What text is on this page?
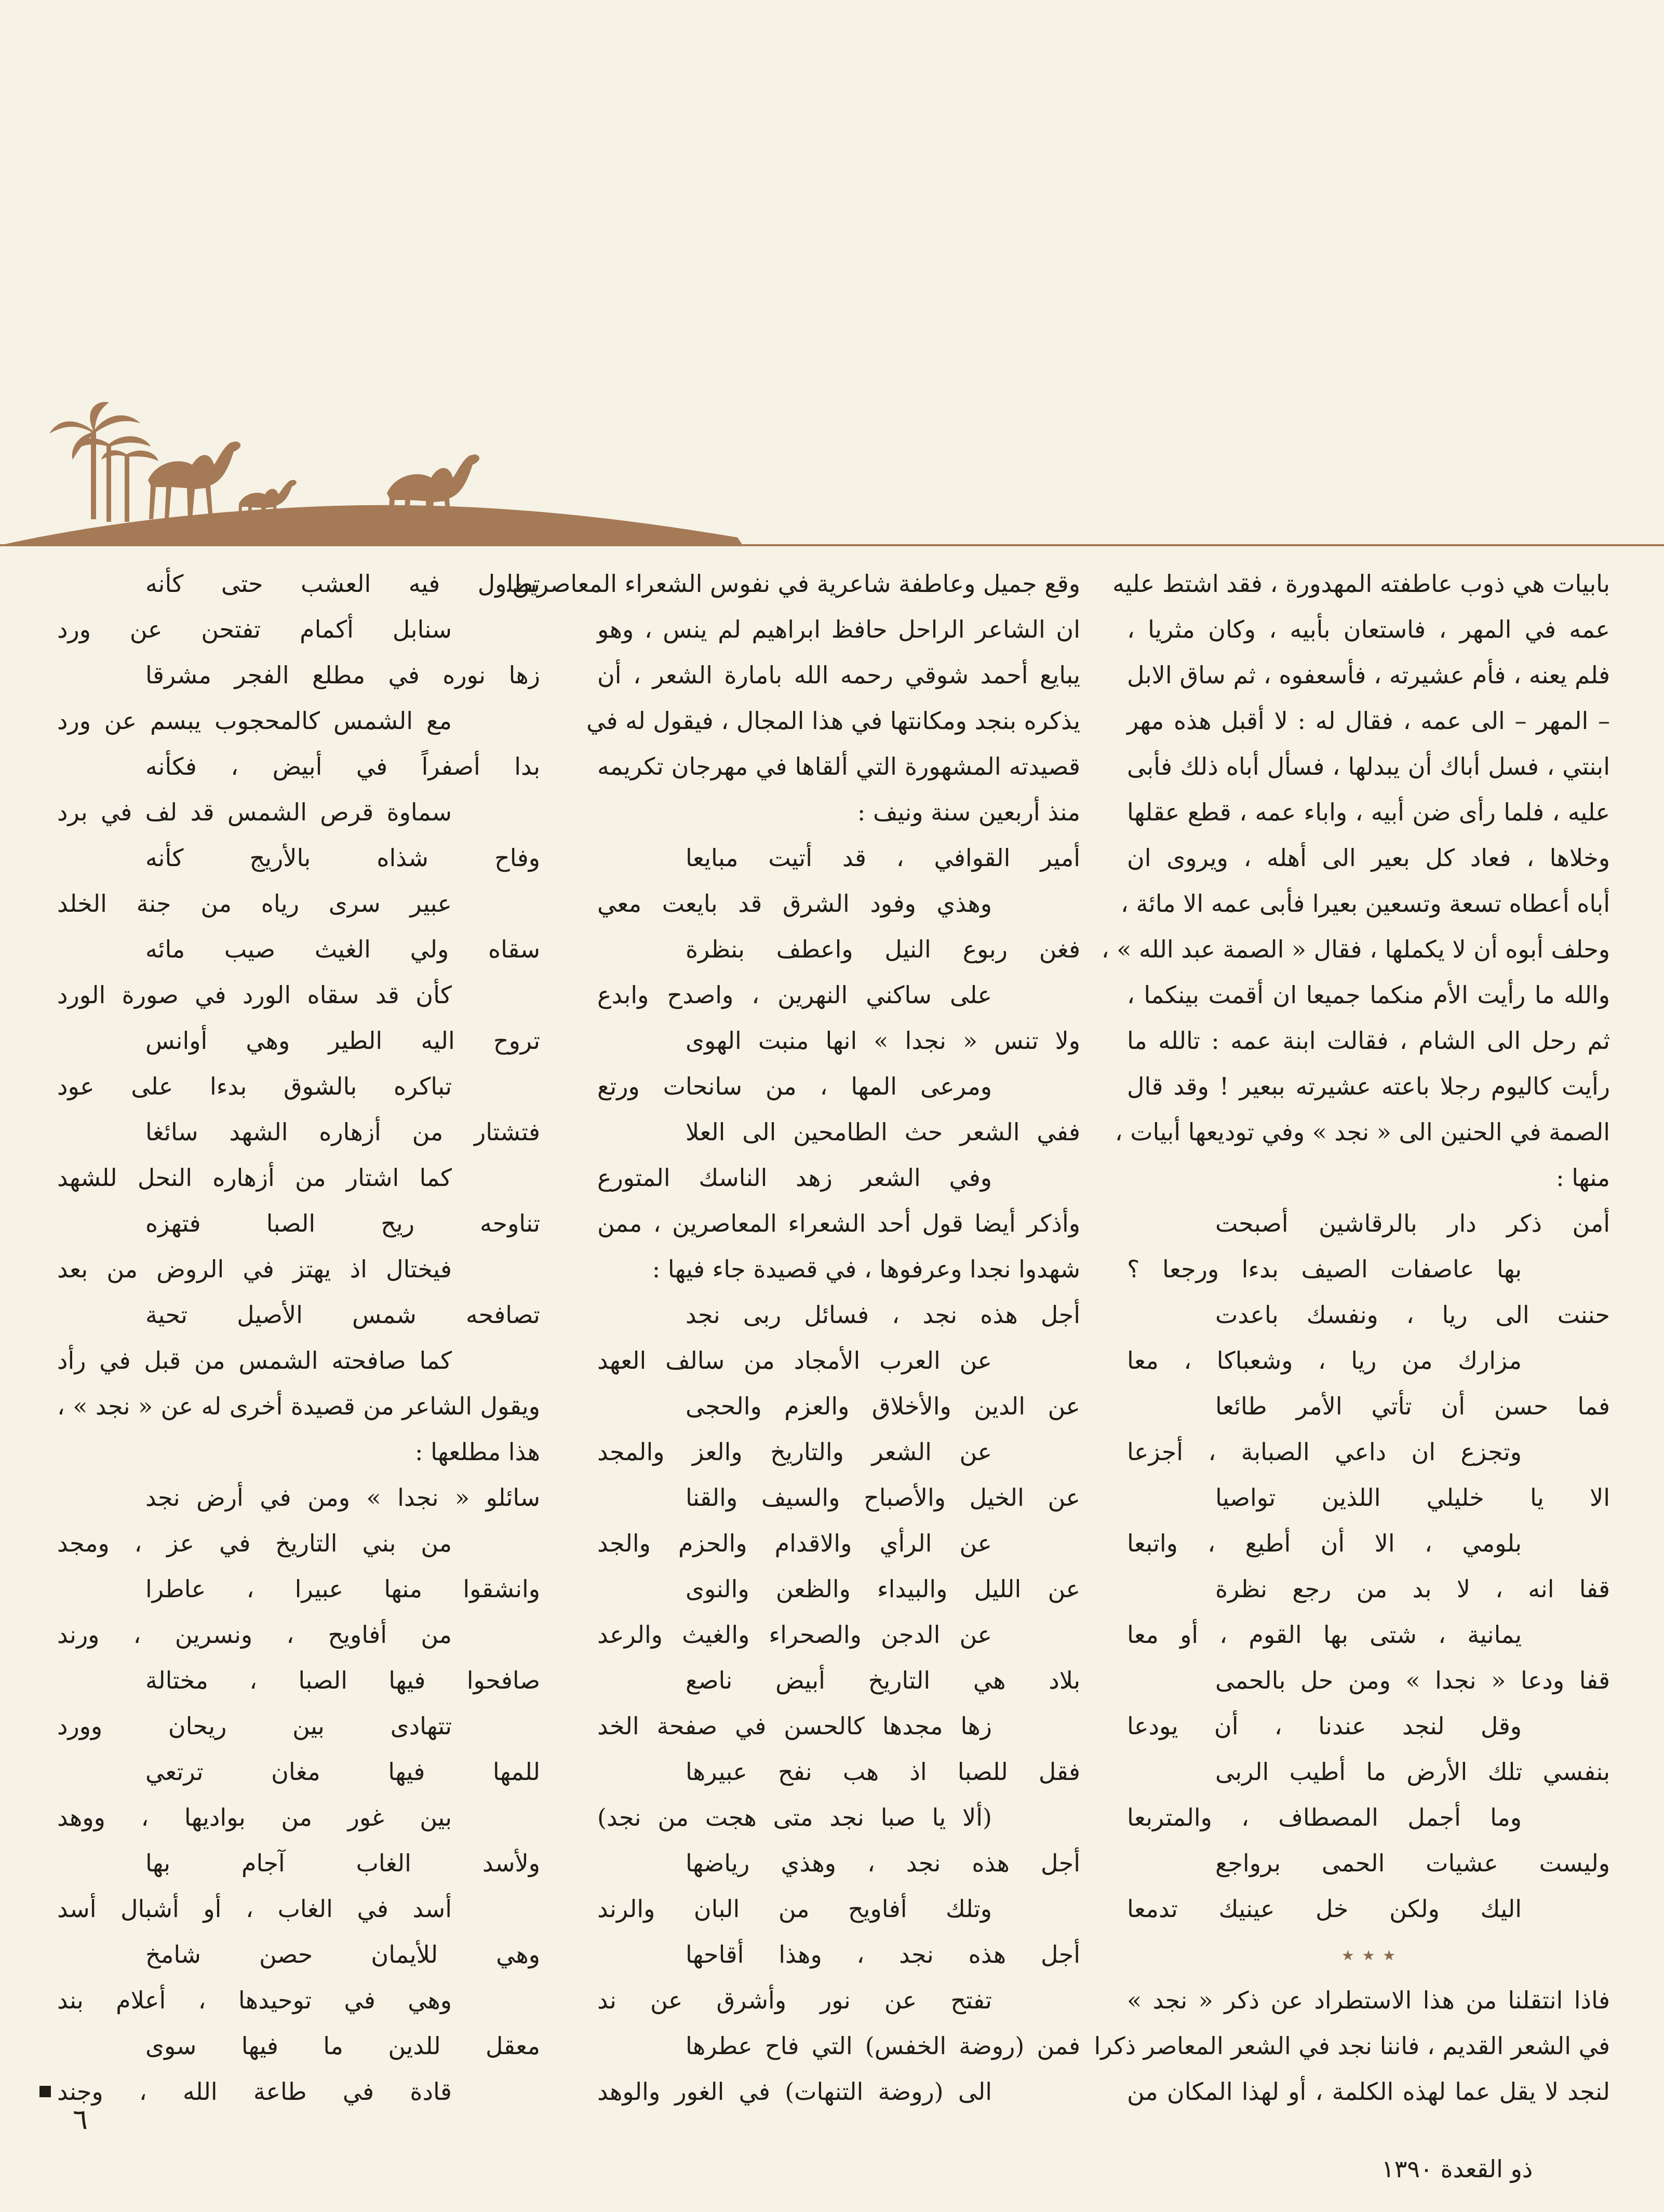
بابيات هي ذوب عاطفته المهدورة ، فقد اشتط عليه
عمه في المهر ، فاستعان بأبيه ، وكان مثريا ،
فلم يعنه ، فأم عشيرته ، فأسعفوه ، ثم ساق الابل
– المهر – الى عمه ، فقال له : لا أقبل هذه مهر
ابنتي ، فسل أباك أن يبدلها ، فسأل أباه ذلك فأبى
عليه ، فلما رأى ضن أبيه ، واباء عمه ، قطع عقلها
وخلاها ، فعاد كل بعير الى أهله ، ويروى ان
أباه أعطاه تسعة وتسعين بعيرا فأبى عمه الا مائة ،
وحلف أبوه أن لا يكملها ، فقال « الصمة عبد الله » ،
والله ما رأيت الأم منكما جميعا ان أقمت بينكما ،
ثم رحل الى الشام ، فقالت ابنة عمه : تالله ما
رأيت كاليوم رجلا باعته عشيرته ببعير ! وقد قال
الصمة في الحنين الى « نجد » وفي توديعها أبيات ،
منها :
أمن ذكر دار بالرقاشين أصبحت
بها عاصفات الصيف بدءا ورجعا ؟
حننت الى ريا ، ونفسك باعدت
مزارك من ريا ، وشعباكا ، معا
فما حسن أن تأتي الأمر طائعا
وتجزع ان داعي الصبابة ، أجزعا
الا يا خليلي اللذين تواصيا
بلومي ، الا أن أطيع ، واتبعا
قفا انه ، لا بد من رجع نظرة
يمانية ، شتى بها القوم ، أو معا
قفا ودعا « نجدا » ومن حل بالحمى
وقل لنجد عندنا ، أن يودعا
بنفسي تلك الأرض ما أطيب الربى
وما أجمل المصطاف ، والمتربعا
وليست عشيات الحمى برواجع
اليك ولكن خل عينيك تدمعا
٭ ٭ ٭
فاذا انتقلنا من هذا الاستطراد عن ذكر « نجد »
في الشعر القديم ، فاننا نجد في الشعر المعاصر ذكرا
لنجد لا يقل عما لهذه الكلمة ، أو لهذا المكان من
وقع جميل وعاطفة شاعرية في نفوس الشعراء المعاصرين.
ان الشاعر الراحل حافظ ابراهيم لم ينس ، وهو
يبايع أحمد شوقي رحمه الله بامارة الشعر ، أن
يذكره بنجد ومكانتها في هذا المجال ، فيقول له في
قصيدته المشهورة التي ألقاها في مهرجان تكريمه
منذ أربعين سنة ونيف :
أمير القوافي ، قد أتيت مبايعا
وهذي وفود الشرق قد بايعت معي
فغن ربوع النيل واعطف بنظرة
على ساكني النهرين ، واصدح وابدع
ولا تنس « نجدا » انها منبت الهوى
ومرعى المها ، من سانحات ورتع
ففي الشعر حث الطامحين الى العلا
وفي الشعر زهد الناسك المتورع
وأذكر أيضا قول أحد الشعراء المعاصرين ، ممن
شهدوا نجدا وعرفوها ، في قصيدة جاء فيها :
أجل هذه نجد ، فسائل ربى نجد
عن العرب الأمجاد من سالف العهد
عن الدين والأخلاق والعزم والحجى
عن الشعر والتاريخ والعز والمجد
عن الخيل والأصباح والسيف والقنا
عن الرأي والاقدام والحزم والجد
عن الليل والبيداء والظعن والنوى
عن الدجن والصحراء والغيث والرعد
بلاد هي التاريخ أبيض ناصع
زها مجدها كالحسن في صفحة الخد
فقل للصبا اذ هب نفح عبيرها
(ألا يا صبا نجد متى هجت من نجد)
أجل هذه نجد ، وهذي رياضها
وتلك أفاويح من البان والرند
أجل هذه نجد ، وهذا أقاحها
تفتح عن نور وأشرق عن ند
فمن (روضة الخفس) التي فاح عطرها
الى (روضة التنهات) في الغور والوهد
تطاول فيه العشب حتى كأنه
سنابل أكمام تفتحن عن ورد
زها نوره في مطلع الفجر مشرقا
مع الشمس كالمحجوب يبسم عن ورد
بدا أصفراً في أبيض ، فكأنه
سماوة قرص الشمس قد لف في برد
وفاح شذاه بالأريج كأنه
عبير سرى رياه من جنة الخلد
سقاه ولي الغيث صيب مائه
كأن قد سقاه الورد في صورة الورد
تروح اليه الطير وهي أوانس
تباكره بالشوق بدءا على عود
فتشتار من أزهاره الشهد سائغا
كما اشتار من أزهاره النحل للشهد
تناوحه ريح الصبا فتهزه
فيختال اذ يهتز في الروض من بعد
تصافحه شمس الأصيل تحية
كما صافحته الشمس من قبل في رأد
ويقول الشاعر من قصيدة أخرى له عن « نجد » ،
هذا مطلعها :
سائلو « نجدا » ومن في أرض نجد
من بني التاريخ في عز ، ومجد
وانشقوا منها عبيرا ، عاطرا
من أفاويح ، ونسرين ، ورند
صافحوا فيها الصبا ، مختالة
تتهادى بين ريحان وورد
للمها فيها مغان ترتعي
بين غور من بواديها ، ووهد
ولأسد الغاب آجام بها
أسد في الغاب ، أو أشبال أسد
وهي للأيمان حصن شامخ
وهي في توحيدها ، أعلام بند
معقل للدين ما فيها سوى
قادة في طاعة الله ، وجند
٦
ذو القعدة ١٣٩٠
